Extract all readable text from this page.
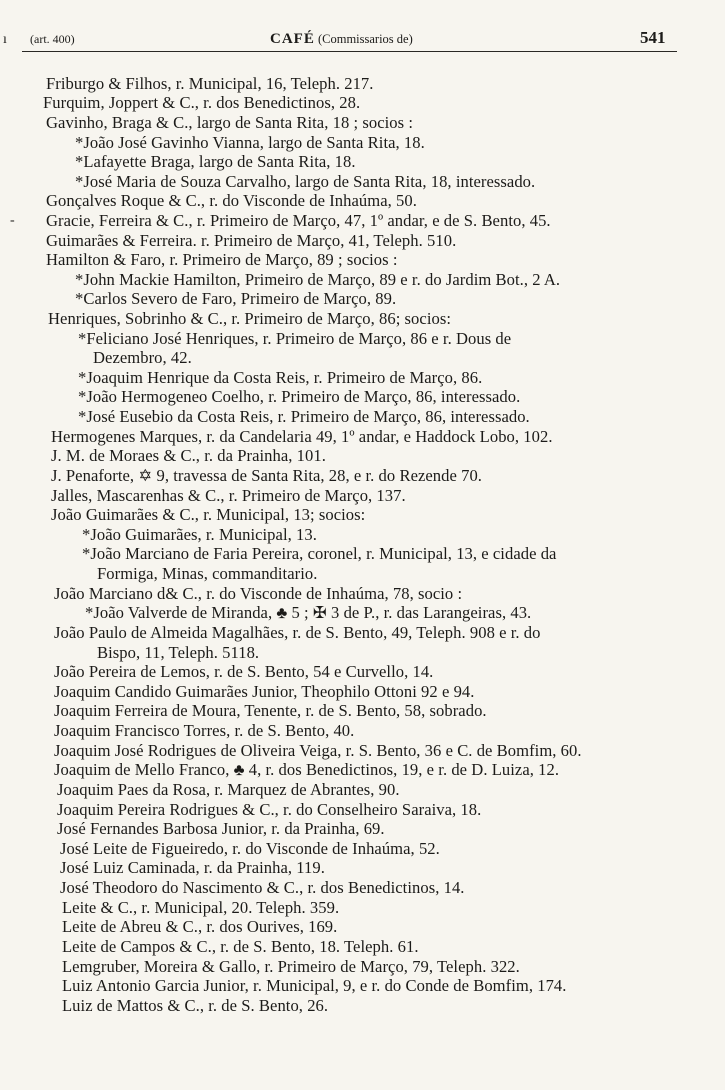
ı (art. 400)	CAFÉ (Commissarios de)	541
Friburgo & Filhos, r. Municipal, 16, Teleph. 217.
Furquim, Joppert & C., r. dos Benedictinos, 28.
Gavinho, Braga & C., largo de Santa Rita, 18 ; socios :
*João José Gavinho Vianna, largo de Santa Rita, 18.
*Lafayette Braga, largo de Santa Rita, 18.
*José Maria de Souza Carvalho, largo de Santa Rita, 18, interessado.
Gonçalves Roque & C., r. do Visconde de Inhaúma, 50.
- Gracie, Ferreira & C., r. Primeiro de Março, 47, 1º andar, e de S. Bento, 45.
Guimarães & Ferreira. r. Primeiro de Março, 41, Teleph. 510.
Hamilton & Faro, r. Primeiro de Março, 89 ; socios :
*John Mackie Hamilton, Primeiro de Março, 89 e r. do Jardim Bot., 2 A.
*Carlos Severo de Faro, Primeiro de Março, 89.
Henriques, Sobrinho & C., r. Primeiro de Março, 86; socios:
*Feliciano José Henriques, r. Primeiro de Março, 86 e r. Dous de
Dezembro, 42.
*Joaquim Henrique da Costa Reis, r. Primeiro de Março, 86.
*João Hermogeneo Coelho, r. Primeiro de Março, 86, interessado.
*José Eusebio da Costa Reis, r. Primeiro de Março, 86, interessado.
Hermogenes Marques, r. da Candelaria 49, 1º andar, e Haddock Lobo, 102.
J. M. de Moraes & C., r. da Prainha, 101.
J. Penaforte, ✡ 9, travessa de Santa Rita, 28, e r. do Rezende 70.
Jalles, Mascarenhas & C., r. Primeiro de Março, 137.
João Guimarães & C., r. Municipal, 13; socios:
*João Guimarães, r. Municipal, 13.
*João Marciano de Faria Pereira, coronel, r. Municipal, 13, e cidade da
Formiga, Minas, commanditario.
João Marciano d& C., r. do Visconde de Inhaúma, 78, socio :
*João Valverde de Miranda, ♣ 5 ; ✠ 3 de P., r. das Larangeiras, 43.
João Paulo de Almeida Magalhães, r. de S. Bento, 49, Teleph. 908 e r. do
Bispo, 11, Teleph. 5118.
João Pereira de Lemos, r. de S. Bento, 54 e Curvello, 14.
Joaquim Candido Guimarães Junior, Theophilo Ottoni 92 e 94.
Joaquim Ferreira de Moura, Tenente, r. de S. Bento, 58, sobrado.
Joaquim Francisco Torres, r. de S. Bento, 40.
Joaquim José Rodrigues de Oliveira Veiga, r. S. Bento, 36 e C. de Bomfim, 60.
Joaquim de Mello Franco, ♣ 4, r. dos Benedictinos, 19, e r. de D. Luiza, 12.
Joaquim Paes da Rosa, r. Marquez de Abrantes, 90.
Joaquim Pereira Rodrigues & C., r. do Conselheiro Saraiva, 18.
José Fernandes Barbosa Junior, r. da Prainha, 69.
José Leite de Figueiredo, r. do Visconde de Inhaúma, 52.
José Luiz Caminada, r. da Prainha, 119.
José Theodoro do Nascimento & C., r. dos Benedictinos, 14.
Leite & C., r. Municipal, 20. Teleph. 359.
Leite de Abreu & C., r. dos Ourives, 169.
Leite de Campos & C., r. de S. Bento, 18. Teleph. 61.
Lemgruber, Moreira & Gallo, r. Primeiro de Março, 79, Teleph. 322.
Luiz Antonio Garcia Junior, r. Municipal, 9, e r. do Conde de Bomfim, 174.
Luiz de Mattos & C., r. de S. Bento, 26.
